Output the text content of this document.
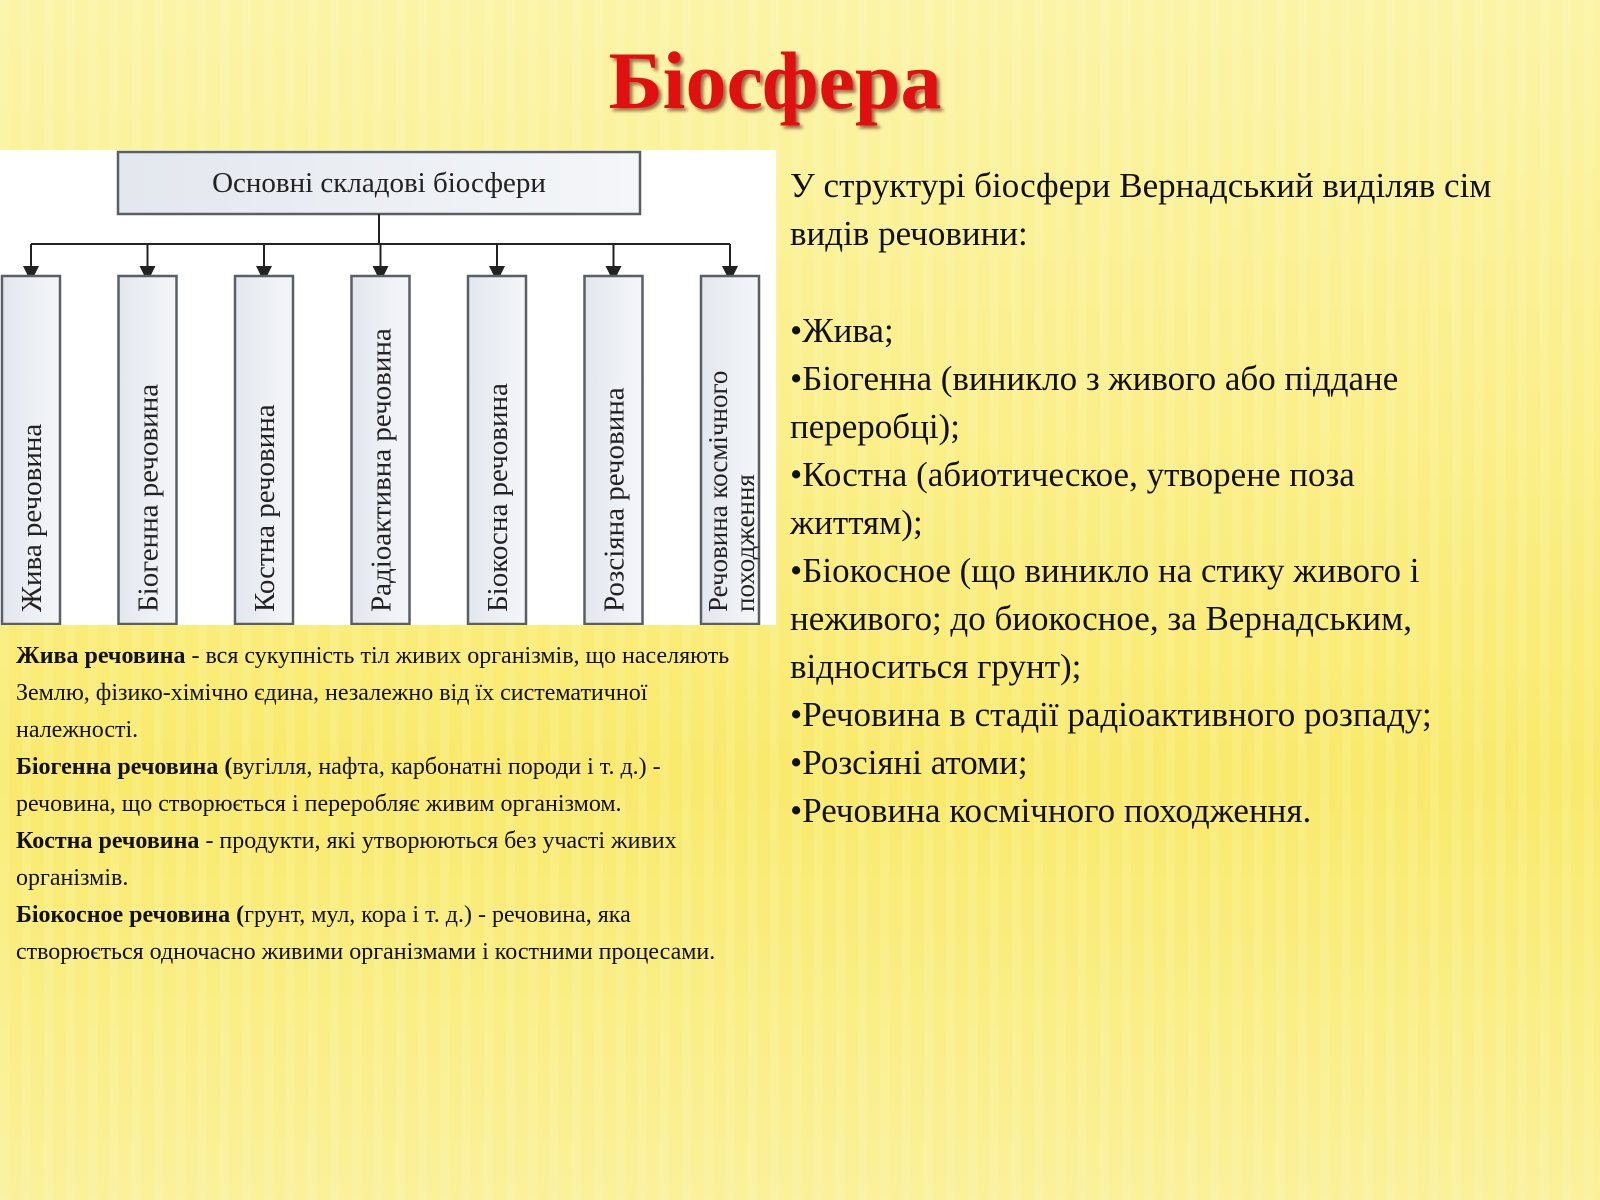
Біосфера
Основні складові біосфери
Жива речовина	Біогенна речовина	Костна речовина	Радіоактивна речовина	Біокосна речовина	Розсіяна речовина	Речовина космічного
походження

Жива речовина - вся сукупність тіл живих організмів, що населяють Землю, фізико-хімічно єдина, незалежно від їх систематичної належності.

Біогенна речовина (вугілля, нафта, карбонатні породи і т. д.) - речовина, що створюється і переробляє живим організмом.

Костна речовина - продукти, які утворюються без участі живих організмів.

Біокосное речовина (грунт, мул, кора і т. д.) - речовина, яка створюється одночасно живими організмами і костними процесами.

У структурі біосфери Вернадський виділяв сім видів речовини:

•Жива;
•Біогенна (виникло з живого або піддане переробці);
•Костна (абиотическое, утворене поза життям);
•Біокосное (що виникло на стику живого і неживого; до биокосное, за Вернадським, відноситься грунт);
•Речовина в стадії радіоактивного розпаду;
•Розсіяні атоми;
•Речовина космічного походження.
